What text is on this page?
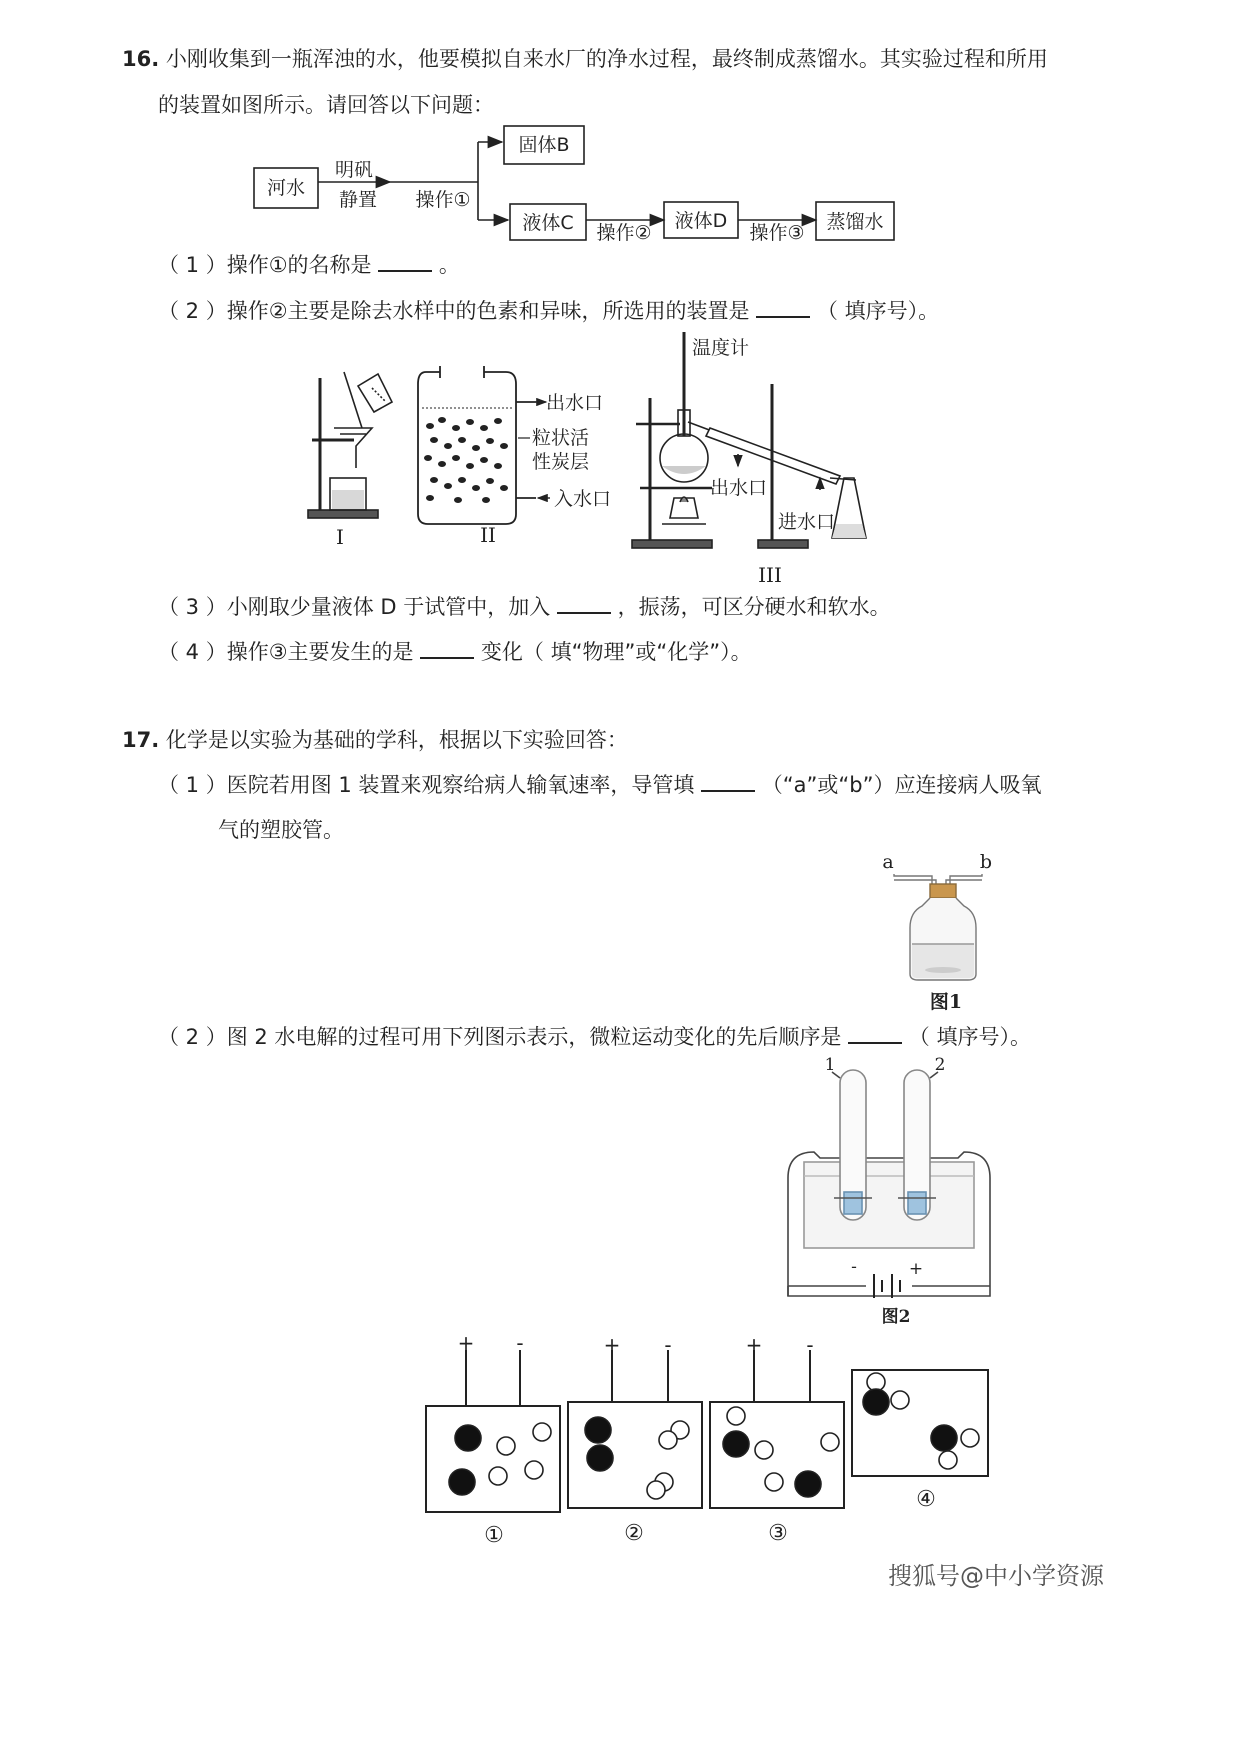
16. 小刚收集到一瓶浑浊的水，他要模拟自来水厂的净水过程，最终制成蒸馏水。其实验过程和所用
的装置如图所示。请回答以下问题：
河水
明矾
静置 操作①
固体B
液体C 操作②
液体D
操作③ 蒸馏水
（ 1 ）操作①的名称是	。
（ 2 ）操作②主要是除去水样中的色素和异味，所选用的装置是	（ 填序号）。
出水口
粒状活
性炭层
入水口
温度计
出水口
进水口
I	II
III
（ 3 ）小刚取少量液体 D 于试管中，加入	，振荡，可区分硬水和软水。
（ 4 ）操作③主要发生的是	变化（ 填“物理”或“化学”）。
17. 化学是以实验为基础的学科，根据以下实验回答：
（ 1 ）医院若用图 1 装置来观察给病人输氧速率，导管填	（“a”或“b”）应连接病人吸氧
气的塑胶管。
a	b
图1
（ 2 ）图 2 水电解的过程可用下列图示表示，微粒运动变化的先后顺序是	（ 填序号）。
1	2
-	+
图2
+ -	+ -	+ -
①	②	③
④
搜狐号@中小学资源
